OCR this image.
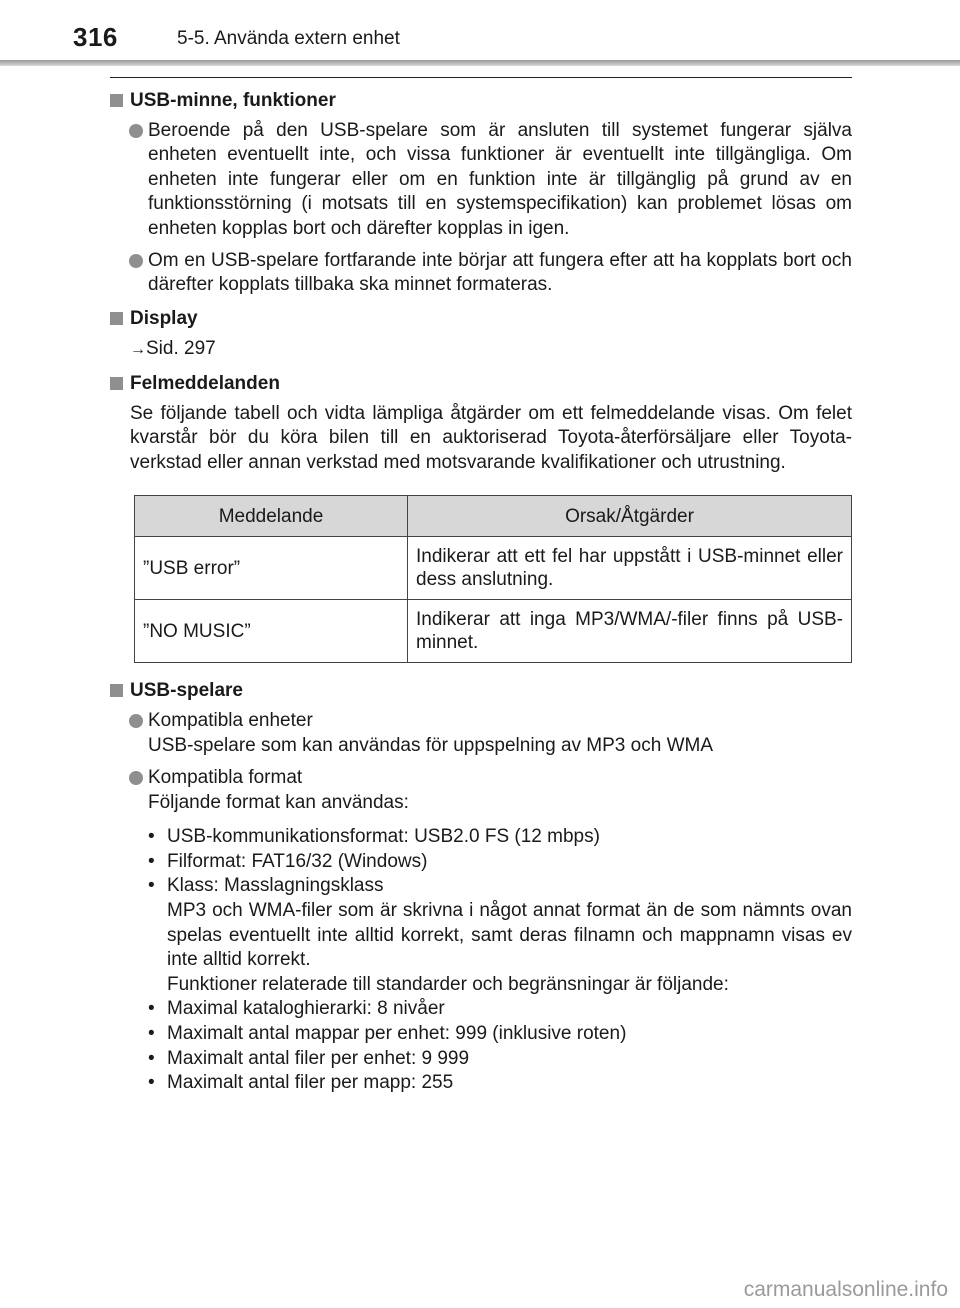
316	5-5. Använda extern enhet
USB-minne, funktioner
Beroende på den USB-spelare som är ansluten till systemet fungerar själva enheten eventuellt inte, och vissa funktioner är eventuellt inte tillgängliga. Om enheten inte fungerar eller om en funktion inte är tillgänglig på grund av en funktionsstörning (i motsats till en systemspecifikation) kan problemet lösas om enheten kopplas bort och därefter kopplas in igen.
Om en USB-spelare fortfarande inte börjar att fungera efter att ha kopplats bort och därefter kopplats tillbaka ska minnet formateras.
Display
→Sid. 297
Felmeddelanden
Se följande tabell och vidta lämpliga åtgärder om ett felmeddelande visas. Om felet kvarstår bör du köra bilen till en auktoriserad Toyota-återförsäljare eller Toyota-verkstad eller annan verkstad med motsvarande kvalifikationer och utrustning.
Meddelande	Orsak/Åtgärder
”USB error”	Indikerar att ett fel har uppstått i USB-minnet eller dess anslutning.
”NO MUSIC”	Indikerar att inga MP3/WMA/-filer finns på USB-minnet.
USB-spelare
Kompatibla enheter
USB-spelare som kan användas för uppspelning av MP3 och WMA
Kompatibla format
Följande format kan användas:
• USB-kommunikationsformat: USB2.0 FS (12 mbps)
• Filformat: FAT16/32 (Windows)
• Klass: Masslagningsklass
MP3 och WMA-filer som är skrivna i något annat format än de som nämnts ovan spelas eventuellt inte alltid korrekt, samt deras filnamn och mappnamn visas ev inte alltid korrekt.
Funktioner relaterade till standarder och begränsningar är följande:
• Maximal kataloghierarki: 8 nivåer
• Maximalt antal mappar per enhet: 999 (inklusive roten)
• Maximalt antal filer per enhet: 9 999
• Maximalt antal filer per mapp: 255
carmanualsonline.info
